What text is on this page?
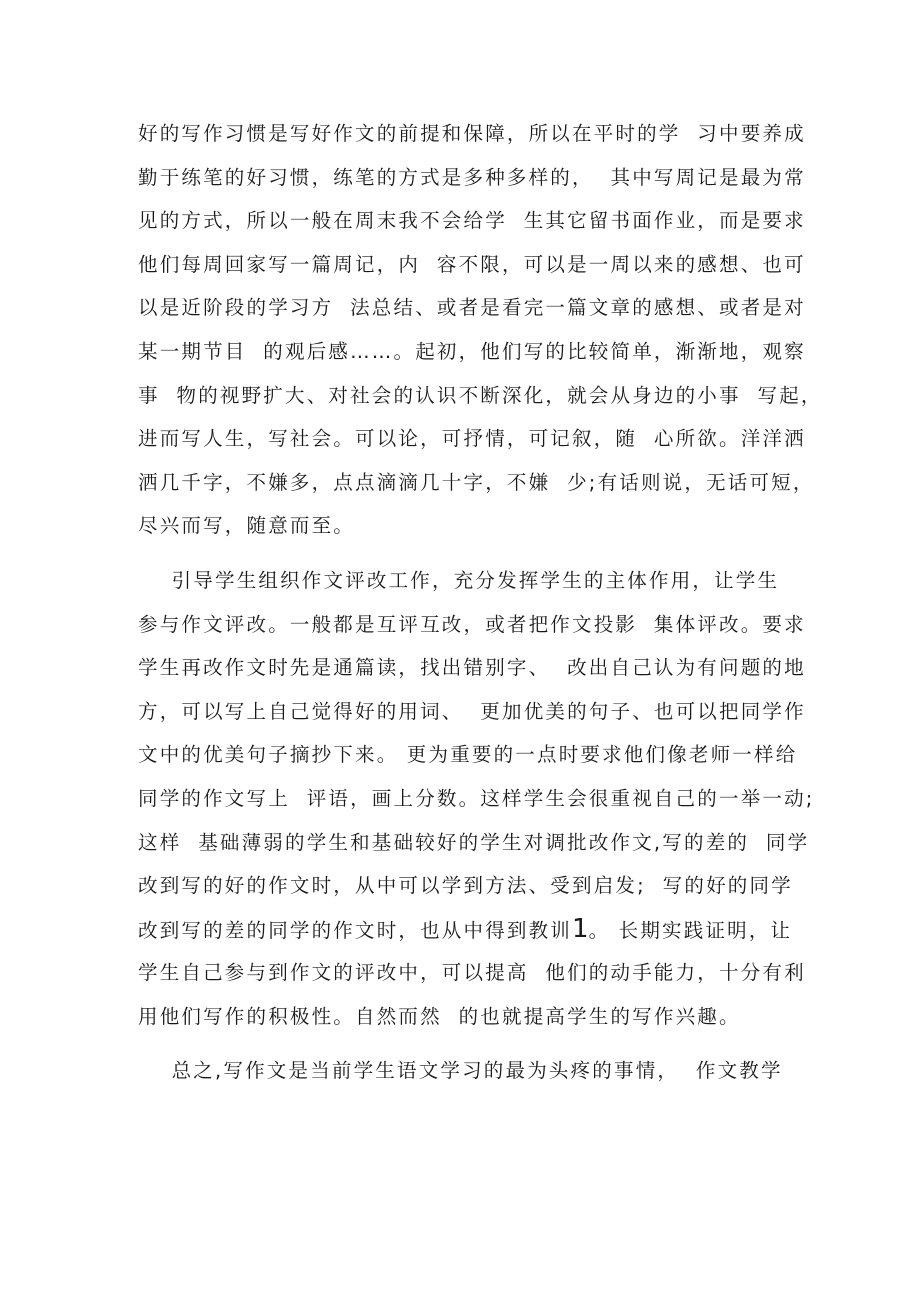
好的写作习惯是写好作文的前提和保障，所以在平时的学  习中要养成
勤于练笔的好习惯，练笔的方式是多种多样的，  其中写周记是最为常
见的方式，所以一般在周末我不会给学  生其它留书面作业，而是要求
他们每周回家写一篇周记，内  容不限，可以是一周以来的感想、也可
以是近阶段的学习方  法总结、或者是看完一篇文章的感想、或者是对
某一期节目  的观后感……。起初，他们写的比较简单，渐渐地，观察
事  物的视野扩大、对社会的认识不断深化，就会从身边的小事  写起，
进而写人生，写社会。可以论，可抒情，可记叙，随  心所欲。洋洋洒
洒几千字，不嫌多，点点滴滴几十字，不嫌  少;有话则说，无话可短，
尽兴而写，随意而至。
引导学生组织作文评改工作，充分发挥学生的主体作用，让学生
参与作文评改。一般都是互评互改，或者把作文投影  集体评改。要求
学生再改作文时先是通篇读，找出错别字、  改出自己认为有问题的地
方，可以写上自己觉得好的用词、  更加优美的句子、也可以把同学作
文中的优美句子摘抄下来。 更为重要的一点时要求他们像老师一样给
同学的作文写上  评语，画上分数。这样学生会很重视自己的一举一动;
这样  基础薄弱的学生和基础较好的学生对调批改作文,写的差的  同学
改到写的好的作文时，从中可以学到方法、受到启发;  写的好的同学
改到写的差的同学的作文时，也从中得到教训1。 长期实践证明，让
学生自己参与到作文的评改中，可以提高  他们的动手能力，十分有利
用他们写作的积极性。自然而然  的也就提高学生的写作兴趣。
总之,写作文是当前学生语文学习的最为头疼的事情，  作文教学
